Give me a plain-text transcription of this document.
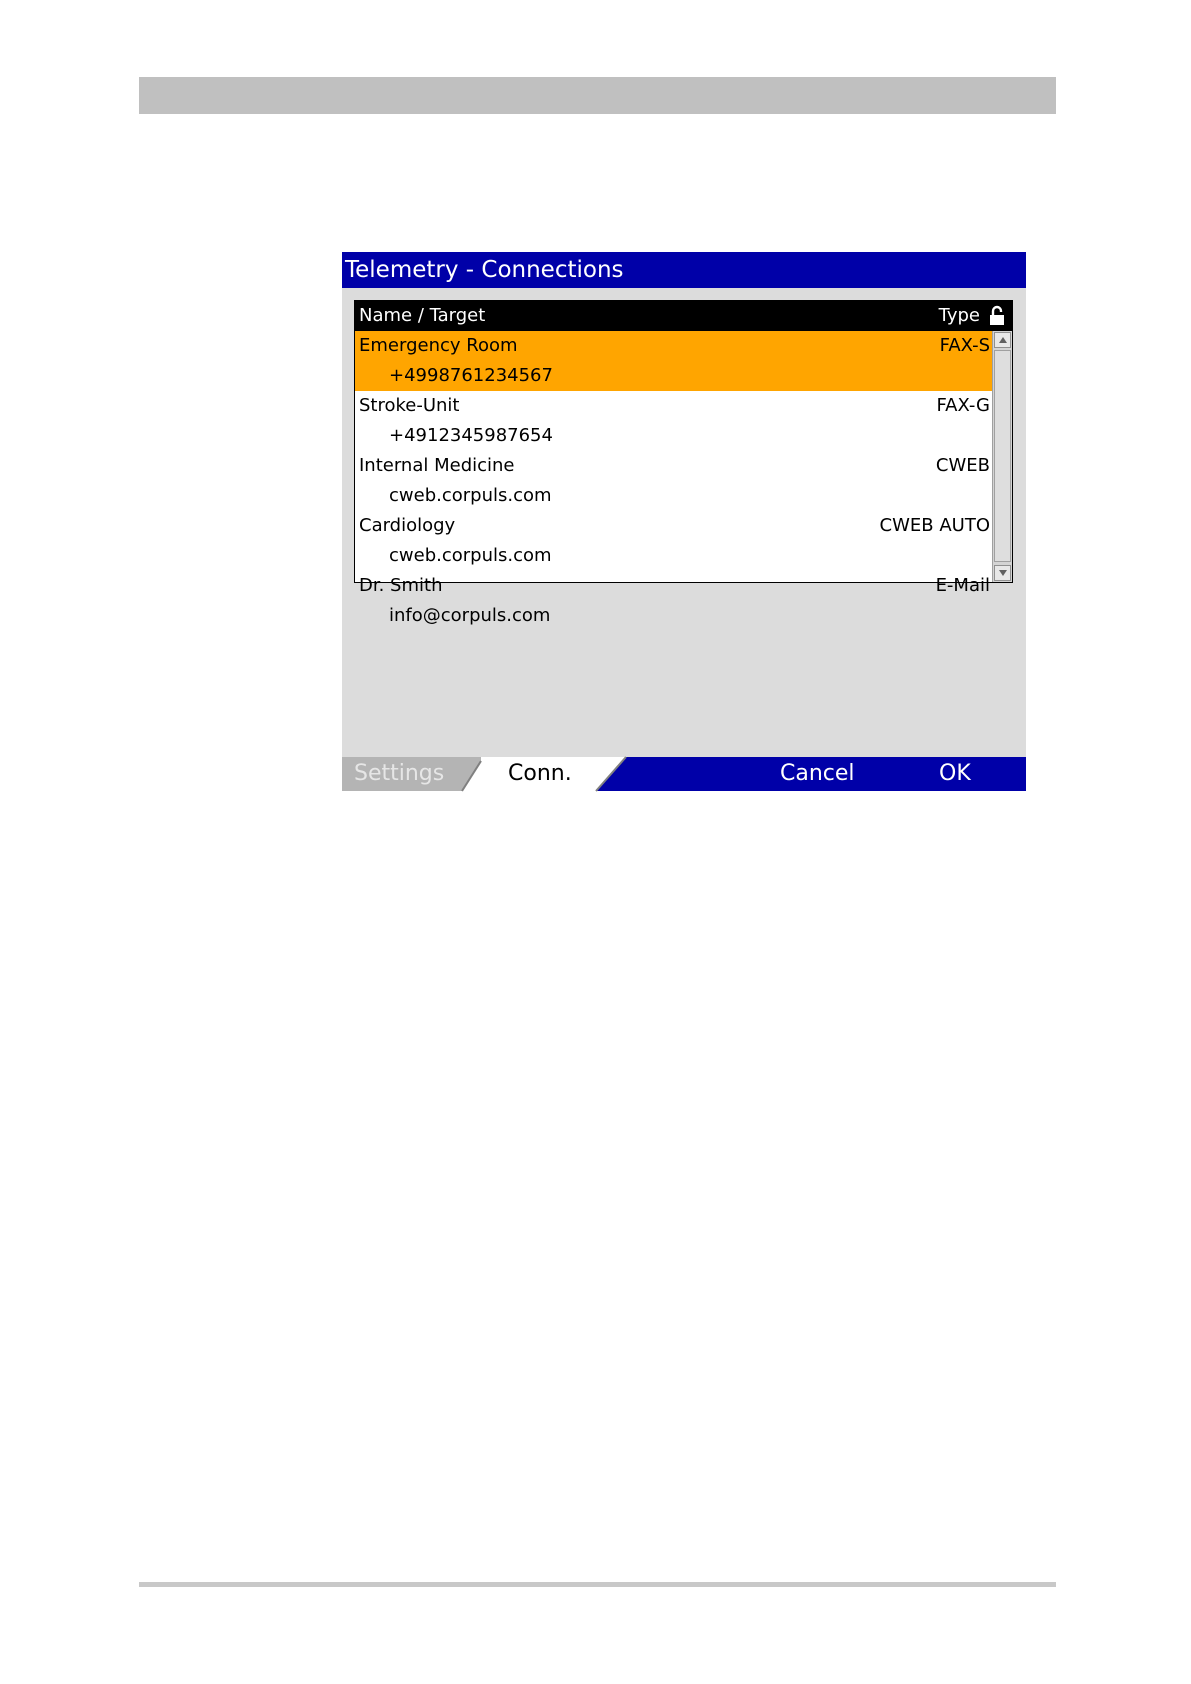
Telemetry - Connections
Name / Target	Type
Emergency Room	FAX-S
+4998761234567
Stroke-Unit	FAX-G
+4912345987654
Internal Medicine	CWEB
cweb.corpuls.com
Cardiology	CWEB AUTO
cweb.corpuls.com
Dr. Smith	E-Mail
info@corpuls.com
Settings	Conn.	Cancel	OK
